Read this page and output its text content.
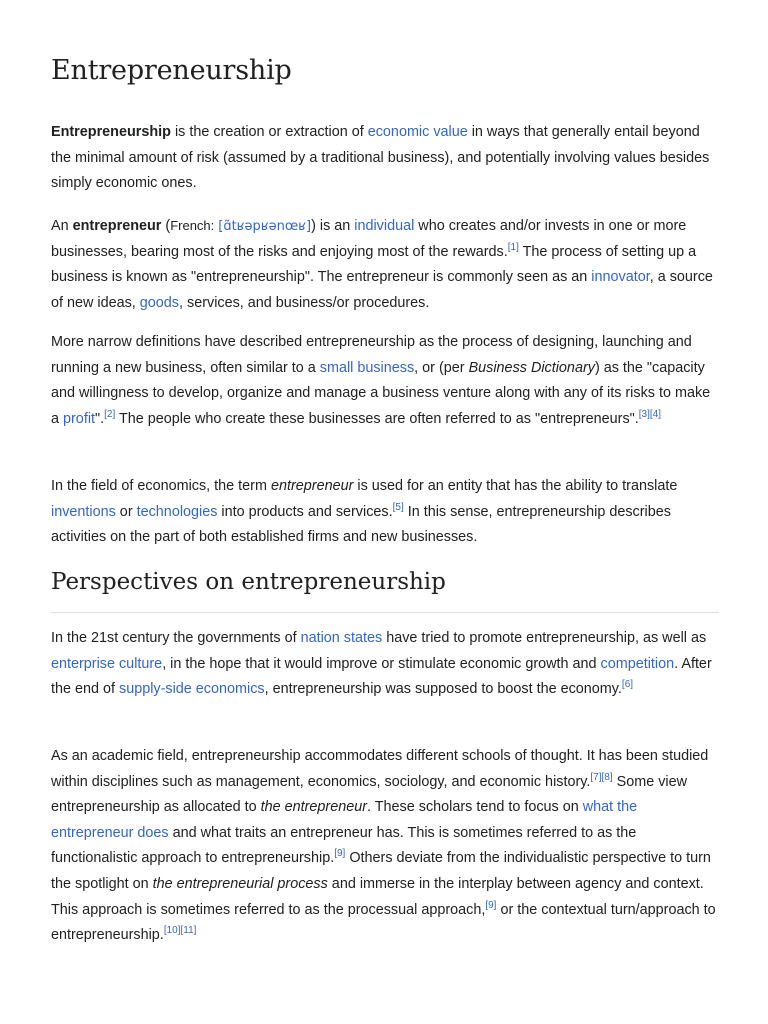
Entrepreneurship

Entrepreneurship is the creation or extraction of economic value in ways that generally entail beyond the minimal amount of risk (assumed by a traditional business), and potentially involving values besides simply economic ones.

An entrepreneur (French: [ɑ̃tʁəpʁənœʁ]) is an individual who creates and/or invests in one or more businesses, bearing most of the risks and enjoying most of the rewards.[1] The process of setting up a business is known as "entrepreneurship". The entrepreneur is commonly seen as an innovator, a source of new ideas, goods, services, and business/or procedures.

More narrow definitions have described entrepreneurship as the process of designing, launching and running a new business, often similar to a small business, or (per Business Dictionary) as the "capacity and willingness to develop, organize and manage a business venture along with any of its risks to make a profit".[2] The people who create these businesses are often referred to as "entrepreneurs".[3][4]

In the field of economics, the term entrepreneur is used for an entity that has the ability to translate inventions or technologies into products and services.[5] In this sense, entrepreneurship describes activities on the part of both established firms and new businesses.

Perspectives on entrepreneurship

In the 21st century the governments of nation states have tried to promote entrepreneurship, as well as enterprise culture, in the hope that it would improve or stimulate economic growth and competition. After the end of supply-side economics, entrepreneurship was supposed to boost the economy.[6]

As an academic field, entrepreneurship accommodates different schools of thought. It has been studied within disciplines such as management, economics, sociology, and economic history.[7][8] Some view entrepreneurship as allocated to the entrepreneur. These scholars tend to focus on what the entrepreneur does and what traits an entrepreneur has. This is sometimes referred to as the functionalistic approach to entrepreneurship.[9] Others deviate from the individualistic perspective to turn the spotlight on the entrepreneurial process and immerse in the interplay between agency and context. This approach is sometimes referred to as the processual approach,[9] or the contextual turn/approach to entrepreneurship.[10][11]
